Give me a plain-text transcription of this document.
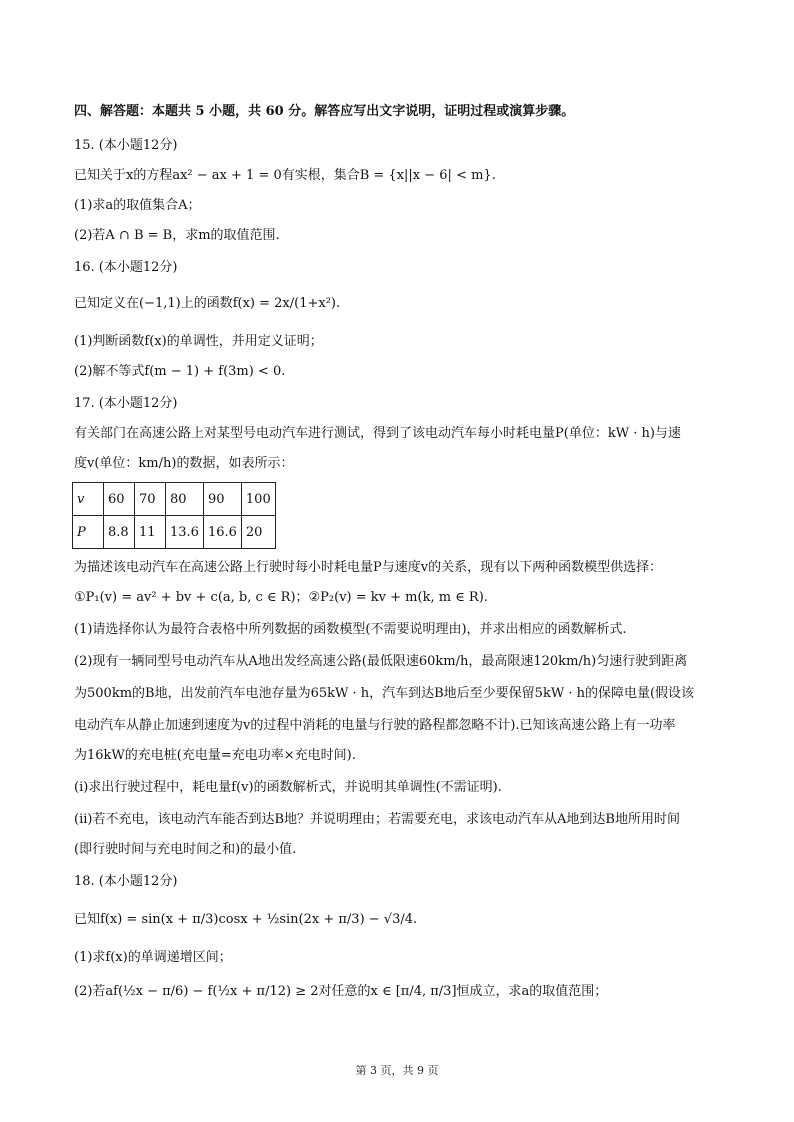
四、解答题：本题共 5 小题，共 60 分。解答应写出文字说明，证明过程或演算步骤。
15. (本小题12分)
已知关于x的方程ax² − ax + 1 = 0有实根，集合B = {x||x − 6| < m}.
(1)求a的取值集合A；
(2)若A ∩ B = B，求m的取值范围.
16. (本小题12分)
已知定义在(−1,1)上的函数f(x) = 2x/(1+x²).
(1)判断函数f(x)的单调性，并用定义证明；
(2)解不等式f(m − 1) + f(3m) < 0.
17. (本小题12分)
有关部门在高速公路上对某型号电动汽车进行测试，得到了该电动汽车每小时耗电量P(单位：kW · h)与速
度v(单位：km/h)的数据，如表所示：
v	60	70	80	90	100
P	8.8	11	13.6	16.6	20
为描述该电动汽车在高速公路上行驶时每小时耗电量P与速度v的关系，现有以下两种函数模型供选择：
①P₁(v) = av² + bv + c(a, b, c ∈ R)；②P₂(v) = kv + m(k, m ∈ R).
(1)请选择你认为最符合表格中所列数据的函数模型(不需要说明理由)，并求出相应的函数解析式.
(2)现有一辆同型号电动汽车从A地出发经高速公路(最低限速60km/h，最高限速120km/h)匀速行驶到距离
为500km的B地，出发前汽车电池存量为65kW · h，汽车到达B地后至少要保留5kW · h的保障电量(假设该
电动汽车从静止加速到速度为v的过程中消耗的电量与行驶的路程都忽略不计).已知该高速公路上有一功率
为16kW的充电桩(充电量=充电功率×充电时间).
(i)求出行驶过程中，耗电量f(v)的函数解析式，并说明其单调性(不需证明).
(ii)若不充电，该电动汽车能否到达B地？并说明理由；若需要充电，求该电动汽车从A地到达B地所用时间
(即行驶时间与充电时间之和)的最小值.
18. (本小题12分)
已知f(x) = sin(x + π/3)cosx + ½sin(2x + π/3) − √3/4.
(1)求f(x)的单调递增区间；
(2)若af(½x − π/6) − f(½x + π/12) ≥ 2对任意的x ∈ [π/4, π/3]恒成立，求a的取值范围；
第 3 页，共 9 页
